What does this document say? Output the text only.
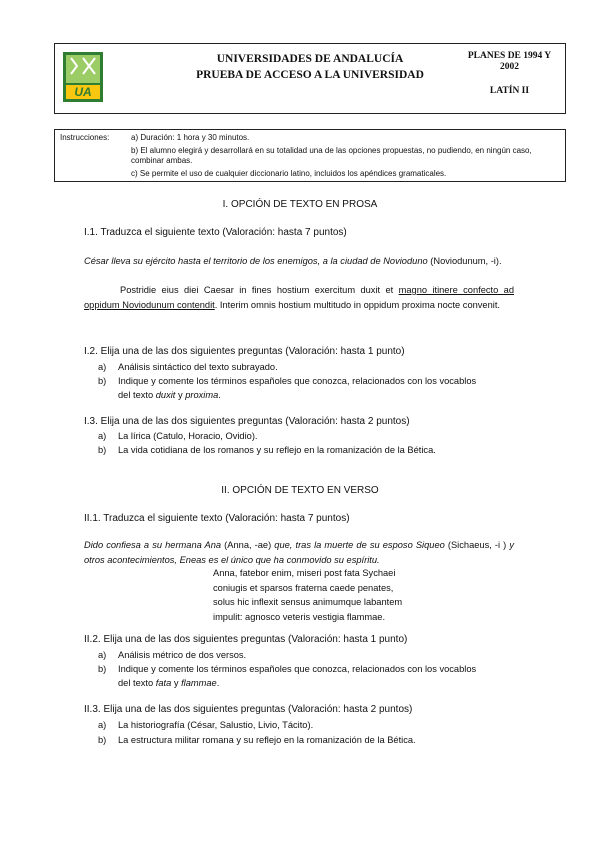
UA
UNIVERSIDADES DE ANDALUCÍA
PRUEBA DE ACCESO A LA UNIVERSIDAD
PLANES DE 1994 Y
2002
LATÍN II
Instrucciones:	a) Duración: 1 hora y 30 minutos.
b) El alumno elegirá y desarrollará en su totalidad una de las opciones propuestas, no pudiendo, en ningún caso, combinar ambas.
c) Se permite el uso de cualquier diccionario latino, incluidos los apéndices gramaticales.
I. OPCIÓN DE TEXTO EN PROSA
I.1. Traduzca el siguiente texto (Valoración: hasta 7 puntos)
César lleva su ejército hasta el territorio de los enemigos, a la ciudad de Novioduno (Noviodunum, -i).
Postridie eius diei Caesar in fines hostium exercitum duxit et magno itinere confecto ad oppidum Noviodunum contendit. Interim omnis hostium multitudo in oppidum proxima nocte convenit.
I.2. Elija una de las dos siguientes preguntas (Valoración: hasta 1 punto)
a) Análisis sintáctico del texto subrayado.
b) Indique y comente los términos españoles que conozca, relacionados con los vocablos
del texto duxit y proxima.
I.3. Elija una de las dos siguientes preguntas (Valoración: hasta 2 puntos)
a) La lírica (Catulo, Horacio, Ovidio).
b) La vida cotidiana de los romanos y su reflejo en la romanización de la Bética.
II. OPCIÓN DE TEXTO EN VERSO
II.1. Traduzca el siguiente texto (Valoración: hasta 7 puntos)
Dido confiesa a su hermana Ana (Anna, -ae) que, tras la muerte de su esposo Siqueo (Sichaeus, -i ) y otros acontecimientos, Eneas es el único que ha conmovido su espíritu.
Anna, fatebor enim, miseri post fata Sychaei
coniugis et sparsos fraterna caede penates,
solus hic inflexit sensus animumque labantem
impulit: agnosco veteris vestigia flammae.
II.2. Elija una de las dos siguientes preguntas (Valoración: hasta 1 punto)
a) Análisis métrico de dos versos.
b) Indique y comente los términos españoles que conozca, relacionados con los vocablos
del texto fata y flammae.
II.3. Elija una de las dos siguientes preguntas (Valoración: hasta 2 puntos)
a) La historiografía (César, Salustio, Livio, Tácito).
b) La estructura militar romana y su reflejo en la romanización de la Bética.
